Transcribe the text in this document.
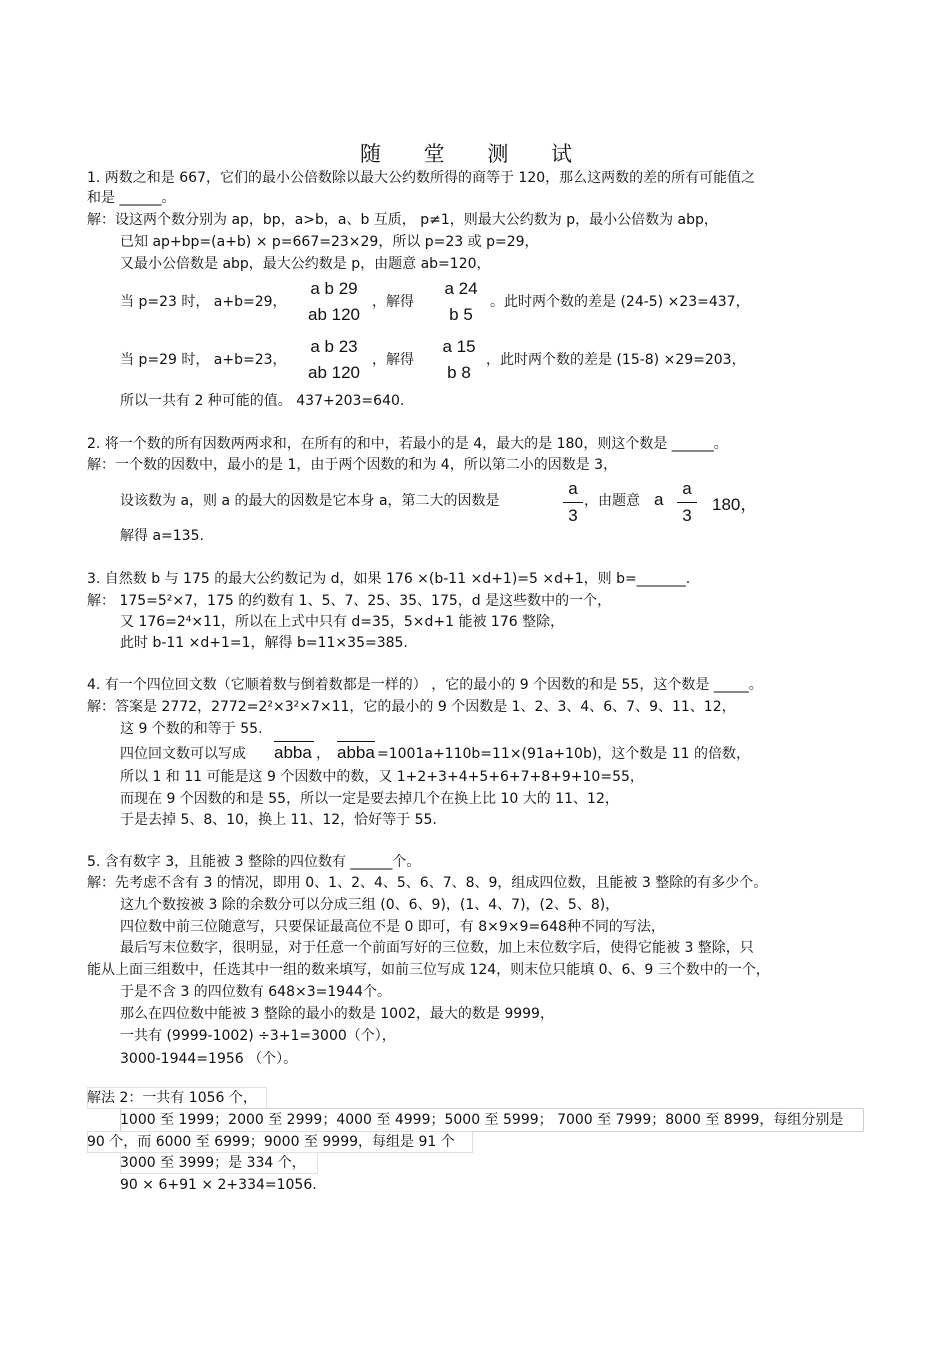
随 堂 测 试
1. 两数之和是 667，它们的最小公倍数除以最大公约数所得的商等于 120，那么这两数的差的所有可能值之
和是 ______。
解：设这两个数分别为 ap，bp，a>b，a、b 互质， p≠1，则最大公约数为 p，最小公倍数为 abp，
已知 ap+bp=(a+b) × p=667=23×29，所以 p=23 或 p=29，
又最小公倍数是 abp，最大公约数是 p，由题意 ab=120，
当 p=23 时， a+b=29，
a b 29
ab 120
，解得
a 24
b 5
。此时两个数的差是 (24-5) ×23=437，
当 p=29 时， a+b=23，
a b 23
ab 120
，解得
a 15
b 8
，此时两个数的差是 (15-8) ×29=203，
所以一共有 2 种可能的值。 437+203=640.
2. 将一个数的所有因数两两求和，在所有的和中，若最小的是 4，最大的是 180，则这个数是 ______。
解：一个数的因数中，最小的是 1，由于两个因数的和为 4，所以第二小的因数是 3，
设该数为 a，则 a 的最大的因数是它本身 a，第二大的因数是	$\frac{a}{3}$ ，由题意 a $\frac{a}{3} 180$，
解得 a=135.
3. 自然数 b 与 175 的最大公约数记为 d，如果 176 ×(b-11 ×d+1)=5 ×d+1，则 b=_______.
解： 175=5²×7，175 的约数有 1、5、7、25、35、175，d 是这些数中的一个，
又 176=2⁴×11，所以在上式中只有 d=35，5×d+1 能被 176 整除，
此时 b-11 ×d+1=1，解得 b=11×35=385.
4. 有一个四位回文数（它顺着数与倒着数都是一样的） ，它的最小的 9 个因数的和是 55，这个数是 _____。
解：答案是 2772，2772=2²×3²×7×11，它的最小的 9 个因数是 1、2、3、4、6、7、9、11、12，
这 9 个数的和等于 55.
四位回文数可以写成 abba ， abba =1001a+110b=11×(91a+10b)，这个数是 11 的倍数，
所以 1 和 11 可能是这 9 个因数中的数，又 1+2+3+4+5+6+7+8+9+10=55，
而现在 9 个因数的和是 55，所以一定是要去掉几个在换上比 10 大的 11、12，
于是去掉 5、8、10，换上 11、12，恰好等于 55.
5. 含有数字 3，且能被 3 整除的四位数有 ______个。
解：先考虑不含有 3 的情况，即用 0、1、2、4、5、6、7、8、9，组成四位数，且能被 3 整除的有多少个。
这九个数按被 3 除的余数分可以分成三组 (0、6、9)，(1、4、7)，(2、5、8)，
四位数中前三位随意写，只要保证最高位不是 0 即可，有 8×9×9=648种不同的写法，
最后写末位数字，很明显，对于任意一个前面写好的三位数，加上末位数字后，使得它能被 3 整除，只
能从上面三组数中，任选其中一组的数来填写，如前三位写成 124，则末位只能填 0、6、9 三个数中的一个，
于是不含 3 的四位数有 648×3=1944个。
那么在四位数中能被 3 整除的最小的数是 1002，最大的数是 9999，
一共有 (9999-1002) ÷3+1=3000（个），
3000-1944=1956 （个）。
解法 2：一共有 1056 个，
1000 至 1999；2000 至 2999；4000 至 4999；5000 至 5999； 7000 至 7999；8000 至 8999，每组分别是
90 个，而 6000 至 6999；9000 至 9999，每组是 91 个
3000 至 3999；是 334 个，
90 × 6+91 × 2+334=1056.
